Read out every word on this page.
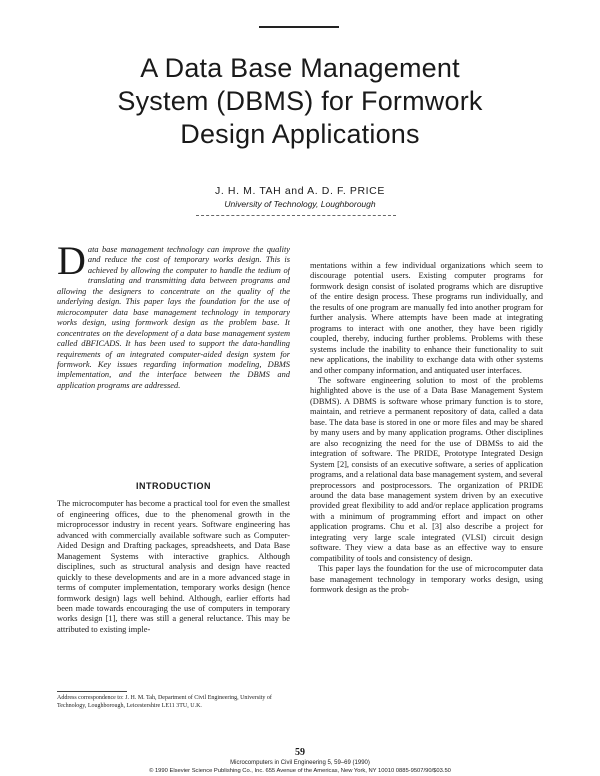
A Data Base Management
System (DBMS) for Formwork
Design Applications
J. H. M. TAH and A. D. F. PRICE
University of Technology, Loughborough
D ata base management technology can improve the quality and reduce the cost of temporary works design. This is achieved by allowing the computer to handle the tedium of translating and transmitting data between programs and allowing the designers to concentrate on the quality of the underlying design. This paper lays the foundation for the use of microcomputer data base management technology in temporary works design, using formwork design as the problem base. It concentrates on the development of a data base management system called dBFICADS. It has been used to support the data-handling requirements of an integrated computer-aided design system for formwork. Key issues regarding information modeling, DBMS implementation, and the interface between the DBMS and application programs are addressed.

INTRODUCTION

The microcomputer has become a practical tool for even the smallest of engineering offices, due to the phenomenal growth in the microprocessor industry in recent years. Software engineering has advanced with commercially available software such as Computer-Aided Design and Drafting packages, spreadsheets, and Data Base Management Systems with interactive graphics. Although disciplines, such as structural analysis and design have reacted quickly to these developments and are in a more advanced stage in terms of computer implementation, temporary works design (hence formwork design) lags well behind. Although, earlier efforts had been made towards encouraging the use of computers in temporary works design [1], there was still a general reluctance. This may be attributed to existing imple-

mentations within a few individual organizations which seem to discourage potential users. Existing computer programs for formwork design consist of isolated programs which are disruptive of the entire design process. These programs run individually, and the results of one program are manually fed into another program for further analysis. Where attempts have been made at integrating programs to interact with one another, they have been rigidly coupled, thereby, inducing further problems. Problems with these systems include the inability to enhance their functionality to suit new applications, the inability to exchange data with other systems and other company information, and antiquated user interfaces.

The software engineering solution to most of the problems highlighted above is the use of a Data Base Management System (DBMS). A DBMS is software whose primary function is to store, maintain, and retrieve a permanent repository of data, called a data base. The data base is stored in one or more files and may be shared by many users and by many application programs. Other disciplines are also recognizing the need for the use of DBMSs to aid the integration of software. The PRIDE, Prototype Integrated Design System [2], consists of an executive software, a series of application programs, and a relational data base management system, and several preprocessors and postprocessors. The organization of PRIDE around the data base management system driven by an executive provided great flexibility to add and/or replace application programs with a minimum of programming effort and impact on other application programs. Chu et al. [3] also describe a project for integrating very large scale integrated (VLSI) circuit design software. They view a data base as an effective way to ensure compatibility of tools and consistency of design.

This paper lays the foundation for the use of microcomputer data base management technology in temporary works design, using formwork design as the prob-

Address correspondence to: J. H. M. Tah, Department of Civil Engineering, University of Technology, Loughborough, Leicestershire LE11 3TU, U.K.
59
Microcomputers in Civil Engineering 5, 59–69 (1990)
© 1990 Elsevier Science Publishing Co., Inc. 655 Avenue of the Americas, New York, NY 10010 0885-9507/90/$03.50
